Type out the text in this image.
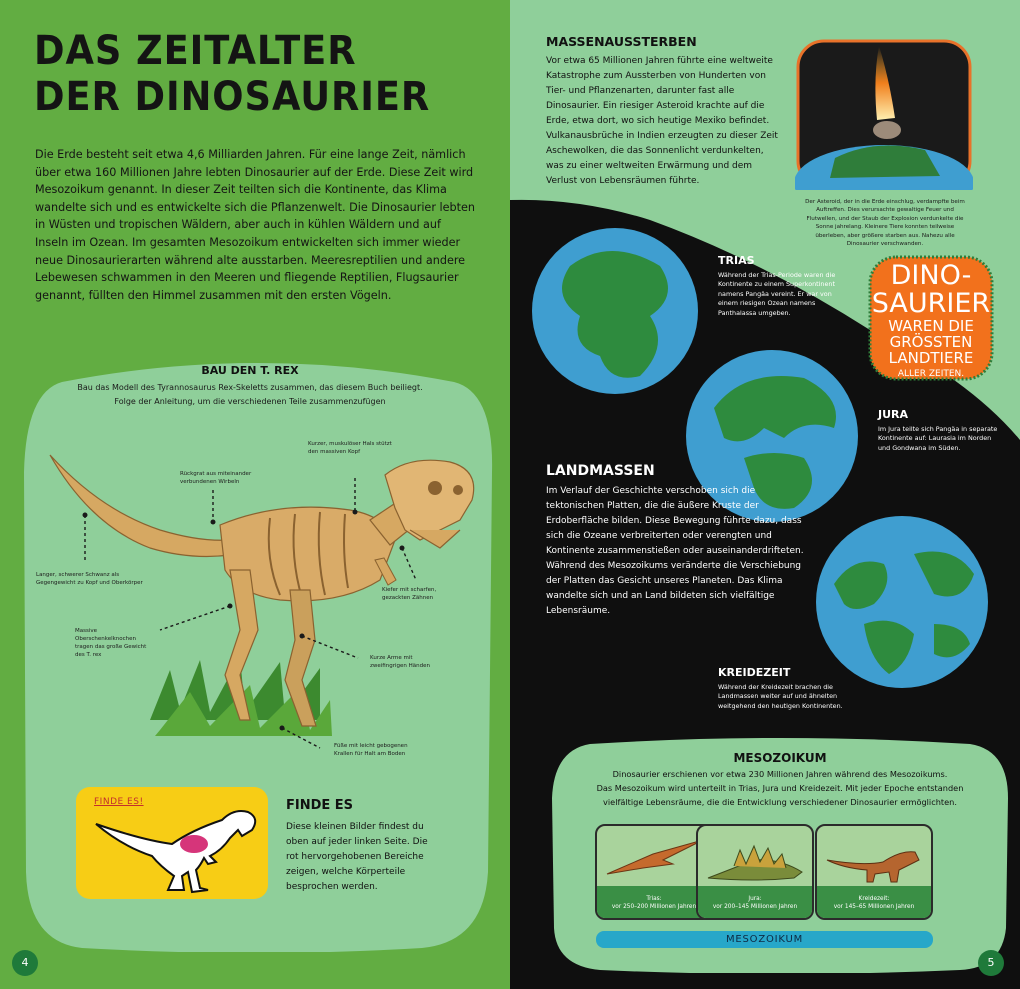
DAS ZEITALTER
DER DINOSAURIER

Die Erde besteht seit etwa 4,6 Milliarden Jahren. Für eine lange Zeit, nämlich über etwa 160 Millionen Jahre lebten Dinosaurier auf der Erde. Diese Zeit wird Mesozoikum genannt. In dieser Zeit teilten sich die Kontinente, das Klima wandelte sich und es entwickelte sich die Pflanzenwelt. Die Dinosaurier lebten in Wüsten und tropischen Wäldern, aber auch in kühlen Wäldern und auf Inseln im Ozean. Im gesamten Mesozoikum entwickelten sich immer wieder neue Dinosaurierarten während alte ausstarben. Meeresreptilien und andere Lebewesen schwammen in den Meeren und fliegende Reptilien, Flugsaurier genannt, füllten den Himmel zusammen mit den ersten Vögeln.

BAU DEN T. REX
Bau das Modell des Tyrannosaurus Rex-Skeletts zusammen, das diesem Buch beiliegt.
Folge der Anleitung, um die verschiedenen Teile zusammenzufügen
Kurzer, muskulöser Hals stützt den massiven Kopf
Rückgrat aus miteinander verbundenen Wirbeln
Langer, schwerer Schwanz als Gegengewicht zu Kopf und Oberkörper
Kiefer mit scharfen, gezackten Zähnen
Massive Oberschenkelknochen tragen das große Gewicht des T. rex	Kurze Arme mit zweifingrigen Händen
Füße mit leicht gebogenen Krallen für Halt am Boden
FINDE ES!	FINDE ES

Diese kleinen Bilder findest du oben auf jeder linken Seite. Die rot hervorgehobenen Bereiche zeigen, welche Körperteile besprochen werden.

4
MASSENAUSSTERBEN

Vor etwa 65 Millionen Jahren führte eine weltweite Katastrophe zum Aussterben von Hunderten von Tier- und Pflanzenarten, darunter fast alle Dinosaurier. Ein riesiger Asteroid krachte auf die Erde, etwa dort, wo sich heutige Mexiko befindet. Vulkanausbrüche in Indien erzeugten zu dieser Zeit Aschewolken, die das Sonnenlicht verdunkelten, was zu einer weltweiten Erwärmung und dem Verlust von Lebensräumen führte.

Der Asteroid, der in die Erde einschlug, verdampfte beim Auftreffen. Dies verursachte gewaltige Feuer und Flutwellen, und der Staub der Explosion verdunkelte die Sonne jahrelang. Kleinere Tiere konnten teilweise überleben, aber größere starben aus. Nahezu alle Dinosaurier verschwanden.

DINO-
SAURIER
WAREN DIE
GRÖSSTEN
LANDTIERE
ALLER ZEITEN.
TRIAS

Während der Trias-Periode waren die Kontinente zu einem Superkontinent namens Pangäa vereint. Er war von einem riesigen Ozean namens Panthalassa umgeben.

JURA

Im Jura teilte sich Pangäa in separate Kontinente auf: Laurasia im Norden und Gondwana im Süden.

LANDMASSEN

Im Verlauf der Geschichte verschoben sich die tektonischen Platten, die die äußere Kruste der Erdoberfläche bilden. Diese Bewegung führte dazu, dass sich die Ozeane verbreiterten oder verengten und Kontinente zusammenstießen oder auseinanderdrifteten. Während des Mesozoikums veränderte die Verschiebung der Platten das Gesicht unseres Planeten. Das Klima wandelte sich und an Land bildeten sich vielfältige Lebensräume.

KREIDEZEIT

Während der Kreidezeit brachen die Landmassen weiter auf und ähnelten weitgehend den heutigen Kontinenten.

MESOZOIKUM
Dinosaurier erschienen vor etwa 230 Millionen Jahren während des Mesozoikums.
Das Mesozoikum wird unterteilt in Trias, Jura und Kreidezeit. Mit jeder Epoche entstanden
vielfältige Lebensräume, die die Entwicklung verschiedener Dinosaurier ermöglichten.
Trias:
vor 250–200 Millionen Jahren
Jura:
vor 200–145 Millionen Jahren
Kreidezeit:
vor 145–65 Millionen Jahren
MESOZOIKUM
5
